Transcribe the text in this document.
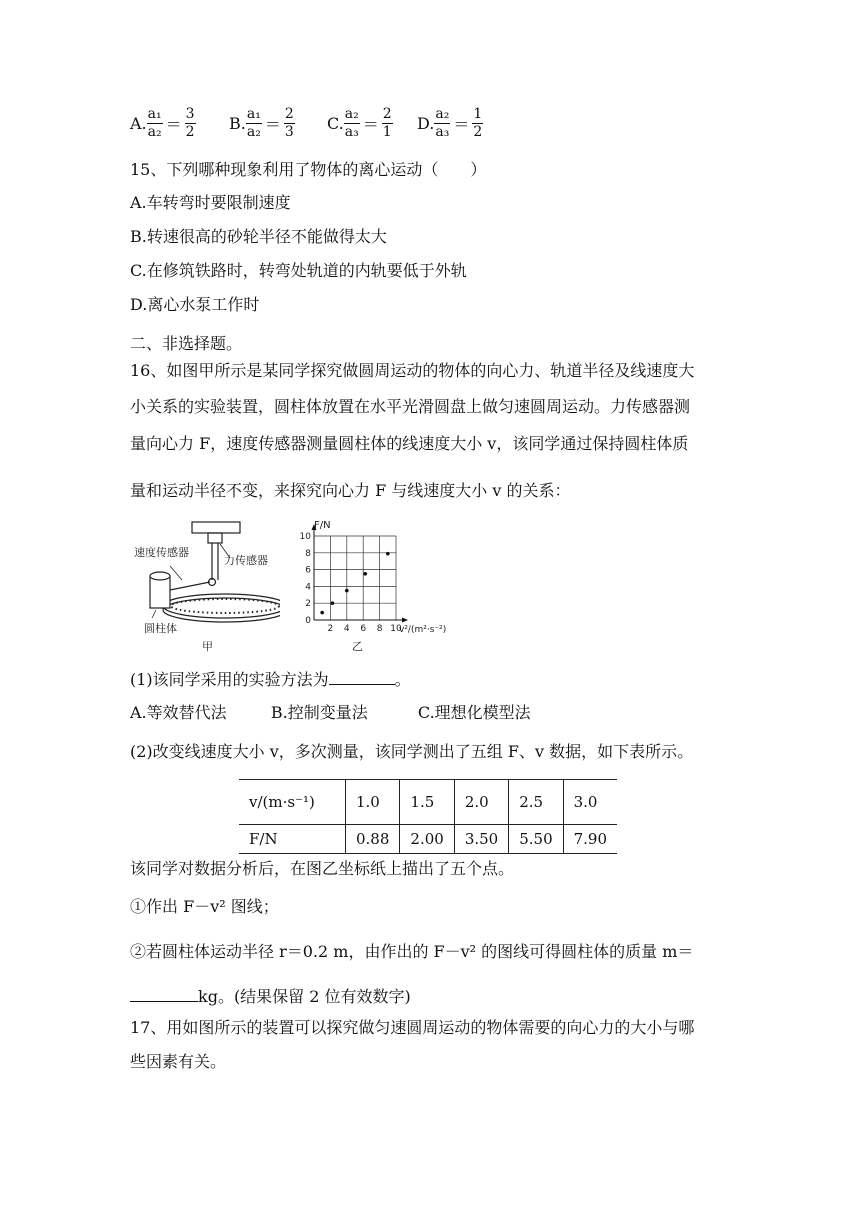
A. $\frac{\text{a₁}}{\text{a₂}} = \frac{3}{2} B$. $\frac{\text{a₁}}{\text{a₂}} = \frac{2}{3} C$. $\frac{\text{a₂}}{\text{a₃}} = \frac{2}{1} D$. $\frac{\text{a₂}}{\text{a₃}} = \frac{1}{2}$
15、下列哪种现象利用了物体的离心运动（　　）
A.车转弯时要限制速度
B.转速很高的砂轮半径不能做得太大
C.在修筑铁路时，转弯处轨道的内轨要低于外轨
D.离心水泵工作时
二、非选择题。
16、如图甲所示是某同学探究做圆周运动的物体的向心力、轨道半径及线速度大
小关系的实验装置，圆柱体放置在水平光滑圆盘上做匀速圆周运动。力传感器测
量向心力 F，速度传感器测量圆柱体的线速度大小 v，该同学通过保持圆柱体质
量和运动半径不变，来探究向心力 F 与线速度大小 v 的关系：
速度传感器
力传感器
圆柱体
甲
2 4 6 8 10
10
8
6
4
2
0
F/N
v²/(m²·s⁻²)
乙
(1)该同学采用的实验方法为	。
A.等效替代法	B.控制变量法	C.理想化模型法
(2)改变线速度大小 v，多次测量，该同学测出了五组 F、v 数据，如下表所示。
v/(m·s⁻¹)	1.0	1.5	2.0	2.5	3.0
F/N	0.88	2.00	3.50	5.50	7.90
该同学对数据分析后，在图乙坐标纸上描出了五个点。
①作出 F－v² 图线；
②若圆柱体运动半径 r＝0.2 m，由作出的 F－v² 的图线可得圆柱体的质量 m＝
kg。(结果保留 2 位有效数字)
17、用如图所示的装置可以探究做匀速圆周运动的物体需要的向心力的大小与哪
些因素有关。
